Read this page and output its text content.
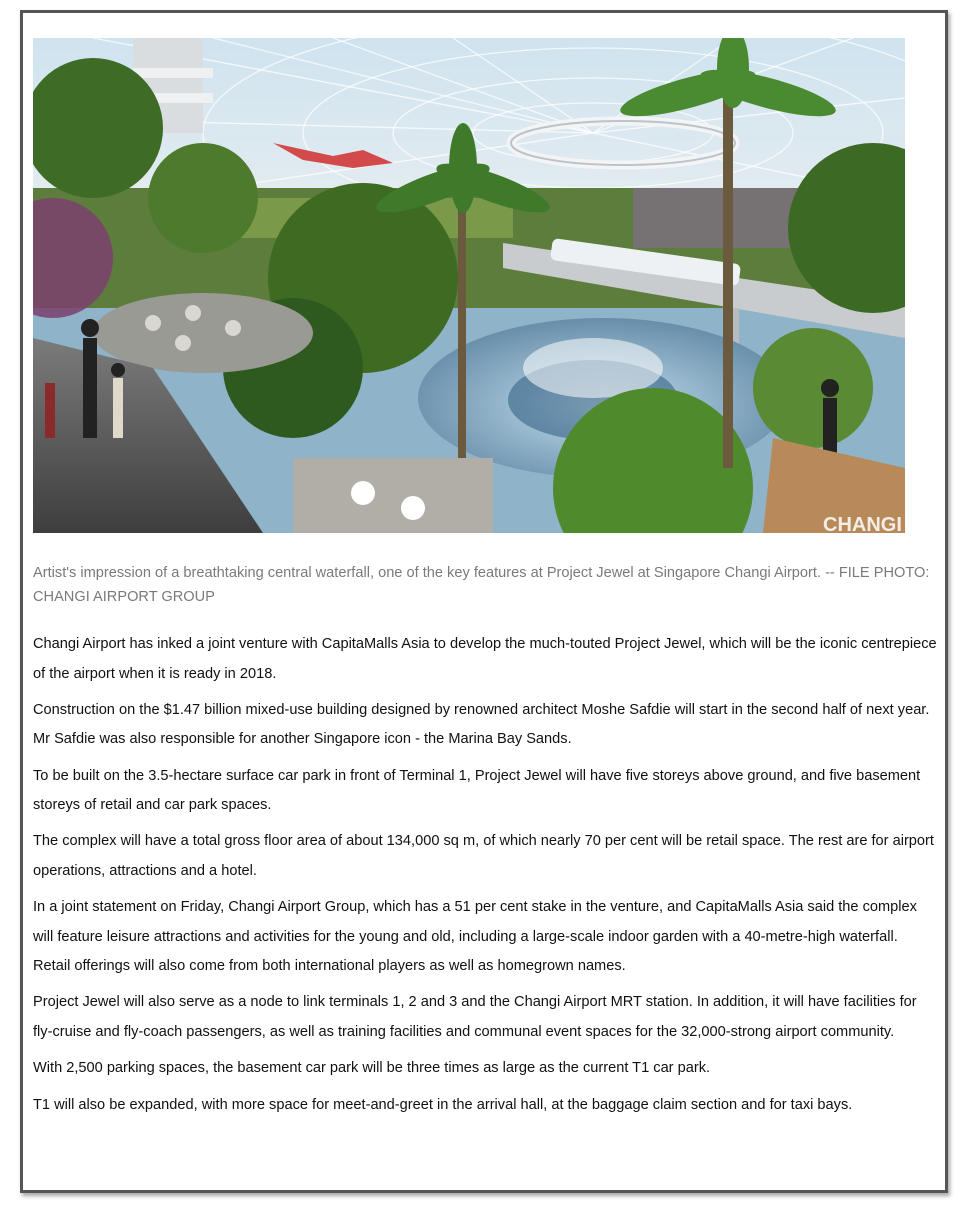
CHANGI
Artist's impression of a breathtaking central waterfall, one of the key features at Project Jewel at Singapore Changi Airport. -- FILE PHOTO: CHANGI AIRPORT GROUP

Changi Airport has inked a joint venture with CapitaMalls Asia to develop the much-touted Project Jewel, which will be the iconic centrepiece of the airport when it is ready in 2018.

Construction on the $1.47 billion mixed-use building designed by renowned architect Moshe Safdie will start in the second half of next year. Mr Safdie was also responsible for another Singapore icon - the Marina Bay Sands.

To be built on the 3.5-hectare surface car park in front of Terminal 1, Project Jewel will have five storeys above ground, and five basement storeys of retail and car park spaces.

The complex will have a total gross floor area of about 134,000 sq m, of which nearly 70 per cent will be retail space. The rest are for airport operations, attractions and a hotel.

In a joint statement on Friday, Changi Airport Group, which has a 51 per cent stake in the venture, and CapitaMalls Asia said the complex will feature leisure attractions and activities for the young and old, including a large-scale indoor garden with a 40-metre-high waterfall. Retail offerings will also come from both international players as well as homegrown names.

Project Jewel will also serve as a node to link terminals 1, 2 and 3 and the Changi Airport MRT station. In addition, it will have facilities for fly-cruise and fly-coach passengers, as well as training facilities and communal event spaces for the 32,000-strong airport community.

With 2,500 parking spaces, the basement car park will be three times as large as the current T1 car park.

T1 will also be expanded, with more space for meet-and-greet in the arrival hall, at the baggage claim section and for taxi bays.
